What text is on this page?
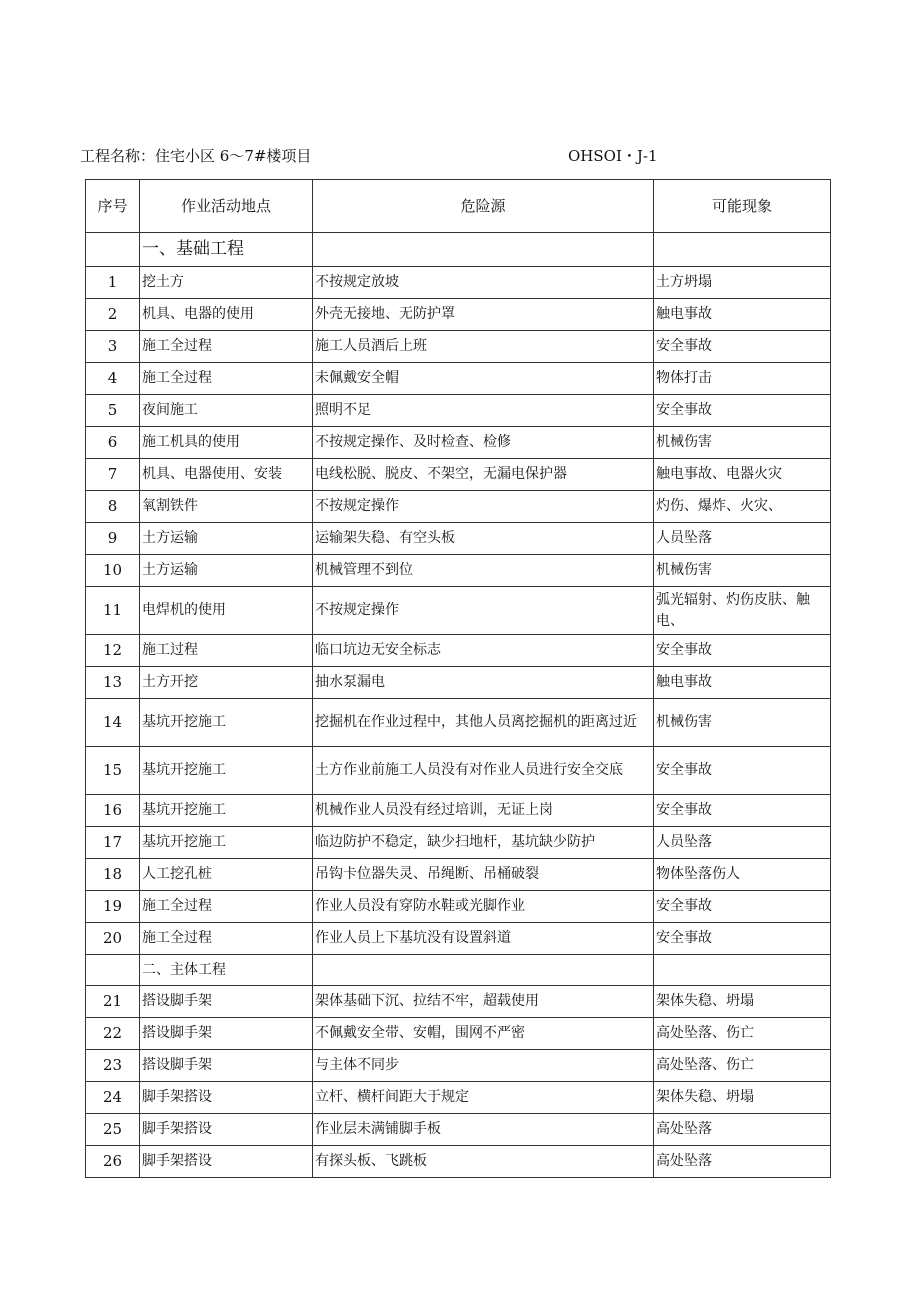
工程名称：住宅小区 6～7#楼项目	OHSOI・J-1
序号	作业活动地点	危险源	可能现象
	一、基础工程		
1	挖土方	不按规定放坡	土方坍塌
2	机具、电器的使用	外壳无接地、无防护罩	触电事故
3	施工全过程	施工人员酒后上班	安全事故
4	施工全过程	未佩戴安全帽	物体打击
5	夜间施工	照明不足	安全事故
6	施工机具的使用	不按规定操作、及时检查、检修	机械伤害
7	机具、电器使用、安装	电线松脱、脱皮、不架空，无漏电保护器	触电事故、电器火灾
8	氧割铁件	不按规定操作	灼伤、爆炸、火灾、
9	土方运输	运输架失稳、有空头板	人员坠落
10	土方运输	机械管理不到位	机械伤害
11	电焊机的使用	不按规定操作	弧光辐射、灼伤皮肤、触电、
12	施工过程	临口坑边无安全标志	安全事故
13	土方开挖	抽水泵漏电	触电事故
14	基坑开挖施工	挖掘机在作业过程中，其他人员离挖掘机的距离过近	机械伤害
15	基坑开挖施工	土方作业前施工人员没有对作业人员进行安全交底	安全事故
16	基坑开挖施工	机械作业人员没有经过培训，无证上岗	安全事故
17	基坑开挖施工	临边防护不稳定，缺少扫地杆，基坑缺少防护	人员坠落
18	人工挖孔桩	吊钩卡位器失灵、吊绳断、吊桶破裂	物体坠落伤人
19	施工全过程	作业人员没有穿防水鞋或光脚作业	安全事故
20	施工全过程	作业人员上下基坑没有设置斜道	安全事故
	二、主体工程		
21	搭设脚手架	架体基础下沉、拉结不牢，超载使用	架体失稳、坍塌
22	搭设脚手架	不佩戴安全带、安帽，围网不严密	高处坠落、伤亡
23	搭设脚手架	与主体不同步	高处坠落、伤亡
24	脚手架搭设	立杆、横杆间距大于规定	架体失稳、坍塌
25	脚手架搭设	作业层未满铺脚手板	高处坠落
26	脚手架搭设	有探头板、飞跳板	高处坠落
